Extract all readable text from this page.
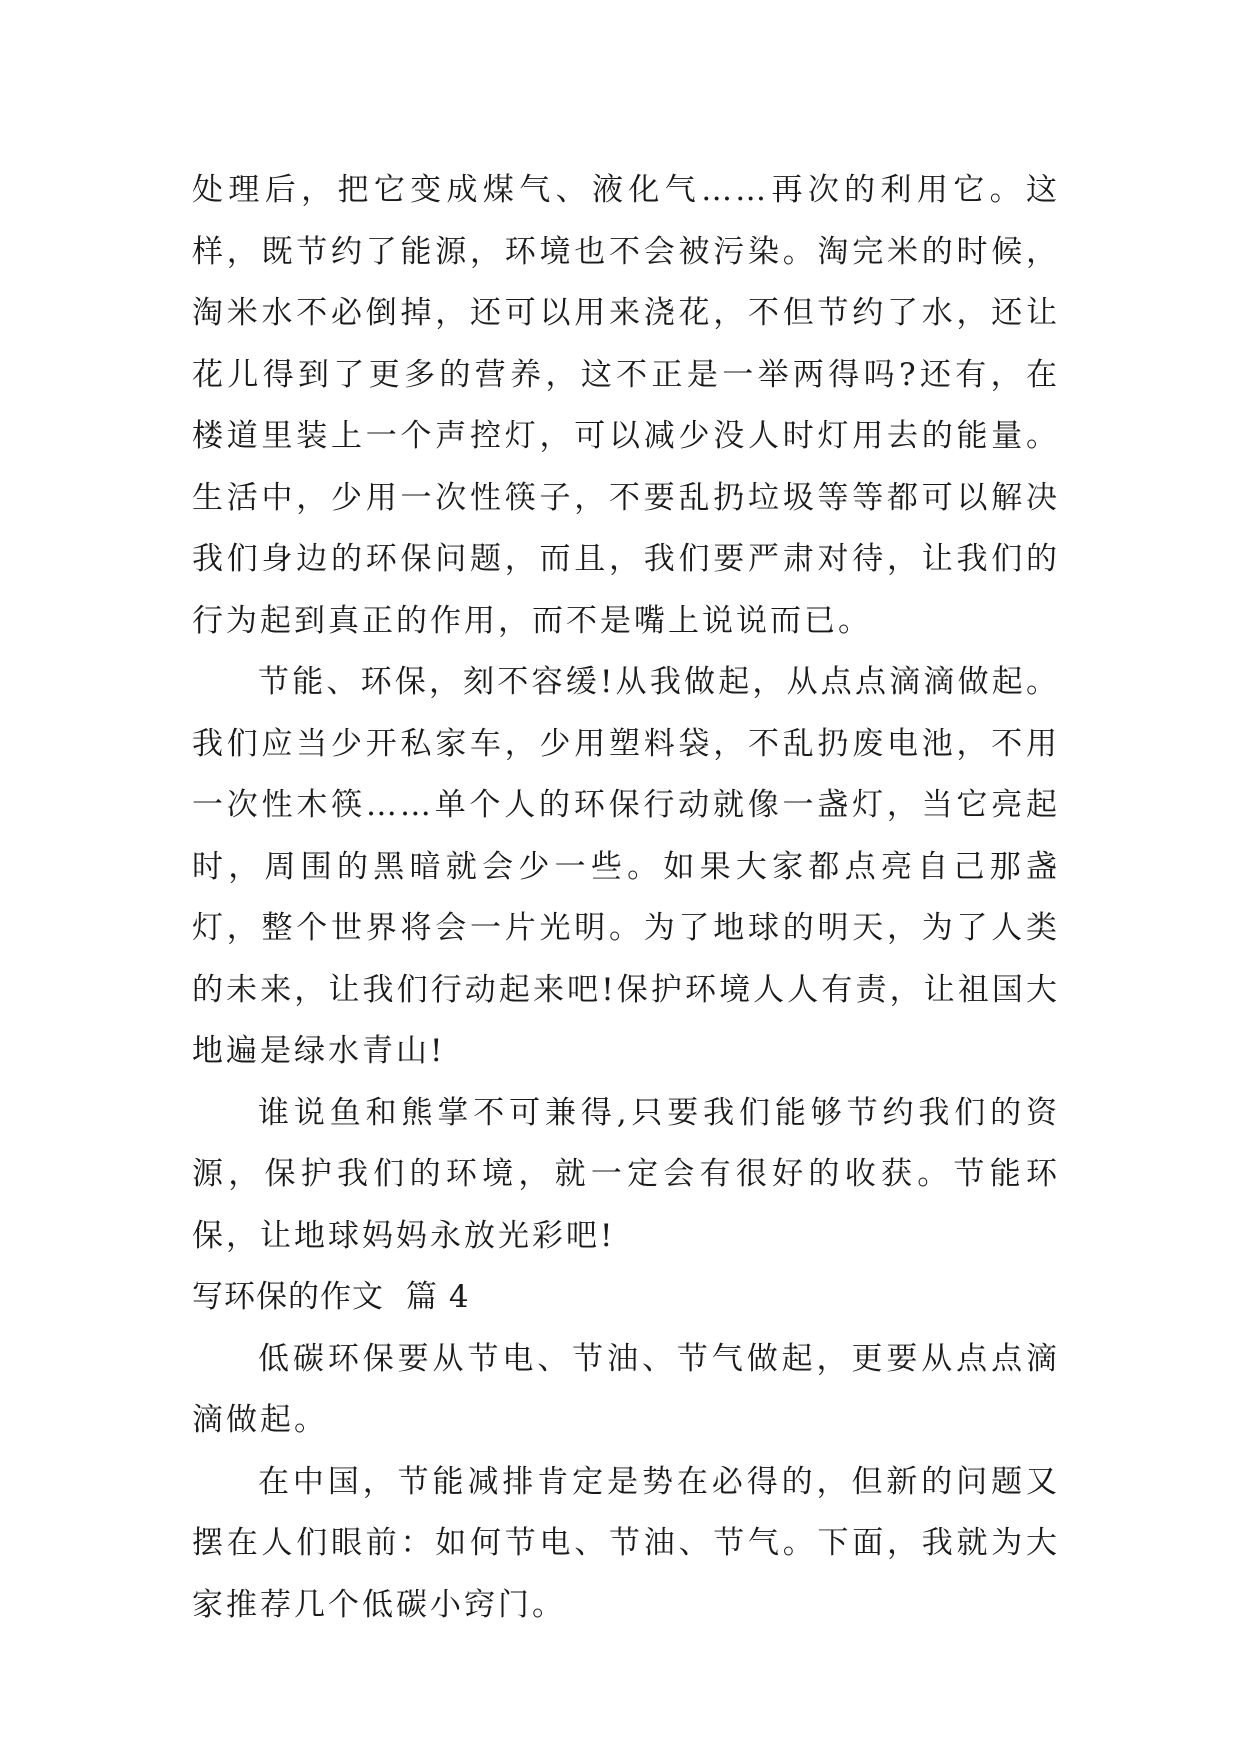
处理后，把它变成煤气、液化气……再次的利用它。这样，既节约了能源，环境也不会被污染。淘完米的时候，淘米水不必倒掉，还可以用来浇花，不但节约了水，还让花儿得到了更多的营养，这不正是一举两得吗?还有，在楼道里装上一个声控灯，可以减少没人时灯用去的能量。生活中，少用一次性筷子，不要乱扔垃圾等等都可以解决我们身边的环保问题，而且，我们要严肃对待，让我们的行为起到真正的作用，而不是嘴上说说而已。

节能、环保，刻不容缓!从我做起，从点点滴滴做起。我们应当少开私家车，少用塑料袋，不乱扔废电池，不用一次性木筷……单个人的环保行动就像一盏灯，当它亮起时，周围的黑暗就会少一些。如果大家都点亮自己那盏灯，整个世界将会一片光明。为了地球的明天，为了人类的未来，让我们行动起来吧!保护环境人人有责，让祖国大地遍是绿水青山!

谁说鱼和熊掌不可兼得,只要我们能够节约我们的资源，保护我们的环境，就一定会有很好的收获。节能环保，让地球妈妈永放光彩吧!

写环保的作文 篇 4

低碳环保要从节电、节油、节气做起，更要从点点滴滴做起。

在中国，节能减排肯定是势在必得的，但新的问题又摆在人们眼前：如何节电、节油、节气。下面，我就为大家推荐几个低碳小窍门。
